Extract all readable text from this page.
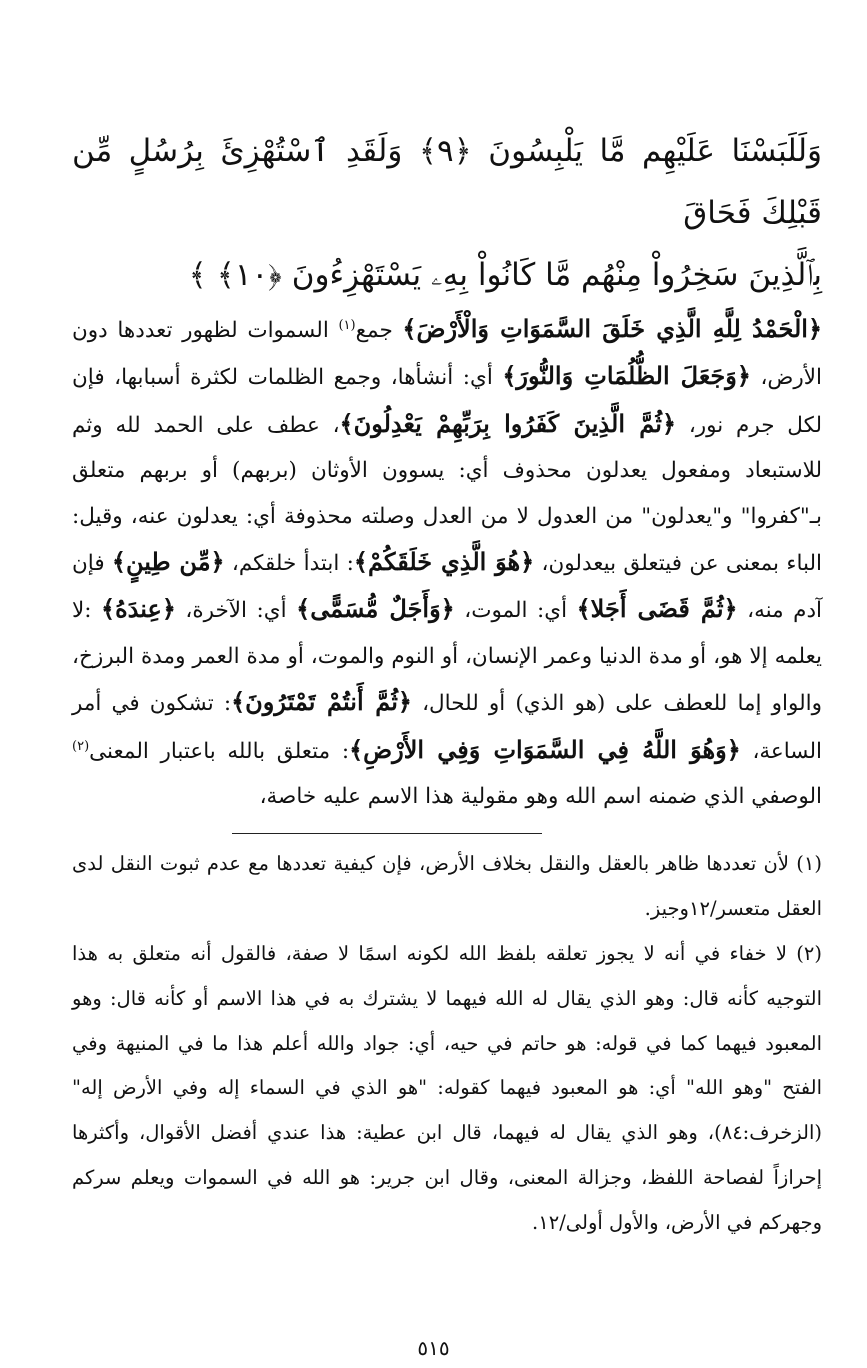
وَلَلَبَسْنَا عَلَيْهِم مَّا يَلْبِسُونَ ﴿٩﴾ وَلَقَدِ ٱسْتُهْزِئَ بِرُسُلٍ مِّن قَبْلِكَ فَحَاقَ
بِٱلَّذِينَ سَخِرُواْ مِنْهُم مَّا كَانُواْ بِهِۦ يَسْتَهْزِءُونَ ﴿١٠﴾ ﴾

﴿الْحَمْدُ لِلَّهِ الَّذِي خَلَقَ السَّمَوَاتِ وَالْأَرْضَ﴾ جمع$^{(١)}$ السموات لظهور تعددها دون الأرض، ﴿وَجَعَلَ الظُّلُمَاتِ وَالنُّورَ﴾ أي: أنشأها، وجمع الظلمات لكثرة أسبابها، فإن لكل جرم نور، ﴿ثُمَّ الَّذِينَ كَفَرُوا بِرَبِّهِمْ يَعْدِلُونَ﴾، عطف على الحمد لله وثم للاستبعاد ومفعول يعدلون محذوف أي: يسوون الأوثان (بربهم) أو بربهم متعلق بـ"كفروا" و"يعدلون" من العدول لا من العدل وصلته محذوفة أي: يعدلون عنه، وقيل: الباء بمعنى عن فيتعلق بيعدلون، ﴿هُوَ الَّذِي خَلَقَكُمْ﴾: ابتدأ خلقكم، ﴿مِّن طِينٍ﴾ فإن آدم منه، ﴿ثُمَّ قَضَى أَجَلا﴾ أي: الموت، ﴿وَأَجَلٌ مُّسَمًّى﴾ أي: الآخرة، ﴿عِندَهُ﴾ :لا يعلمه إلا هو، أو مدة الدنيا وعمر الإنسان، أو النوم والموت، أو مدة العمر ومدة البرزخ، والواو إما للعطف على (هو الذي) أو للحال، ﴿ثُمَّ أَنتُمْ تَمْتَرُونَ﴾: تشكون في أمر الساعة، ﴿وَهُوَ اللَّهُ فِي السَّمَوَاتِ وَفِي الأَرْضِ﴾: متعلق بالله باعتبار المعنى$^{(٢)}$ الوصفي الذي ضمنه اسم الله وهو مقولية هذا الاسم عليه خاصة،

(١) لأن تعددها ظاهر بالعقل والنقل بخلاف الأرض، فإن كيفية تعددها مع عدم ثبوت النقل لدى العقل متعسر/١٢وجيز.

(٢) لا خفاء في أنه لا يجوز تعلقه بلفظ الله لكونه اسمًا لا صفة، فالقول أنه متعلق به هذا التوجيه كأنه قال: وهو الذي يقال له الله فيهما لا يشترك به في هذا الاسم أو كأنه قال: وهو المعبود فيهما كما في قوله: هو حاتم في حيه، أي: جواد والله أعلم هذا ما في المنيهة وفي الفتح "وهو الله" أي: هو المعبود فيهما كقوله: "هو الذي في السماء إله وفي الأرض إله" (الزخرف:٨٤)، وهو الذي يقال له فيهما، قال ابن عطية: هذا عندي أفضل الأقوال، وأكثرها إحرازاً لفصاحة اللفظ، وجزالة المعنى، وقال ابن جرير: هو الله في السموات ويعلم سركم وجهركم في الأرض، والأول أولى/١٢.

٥١٥
